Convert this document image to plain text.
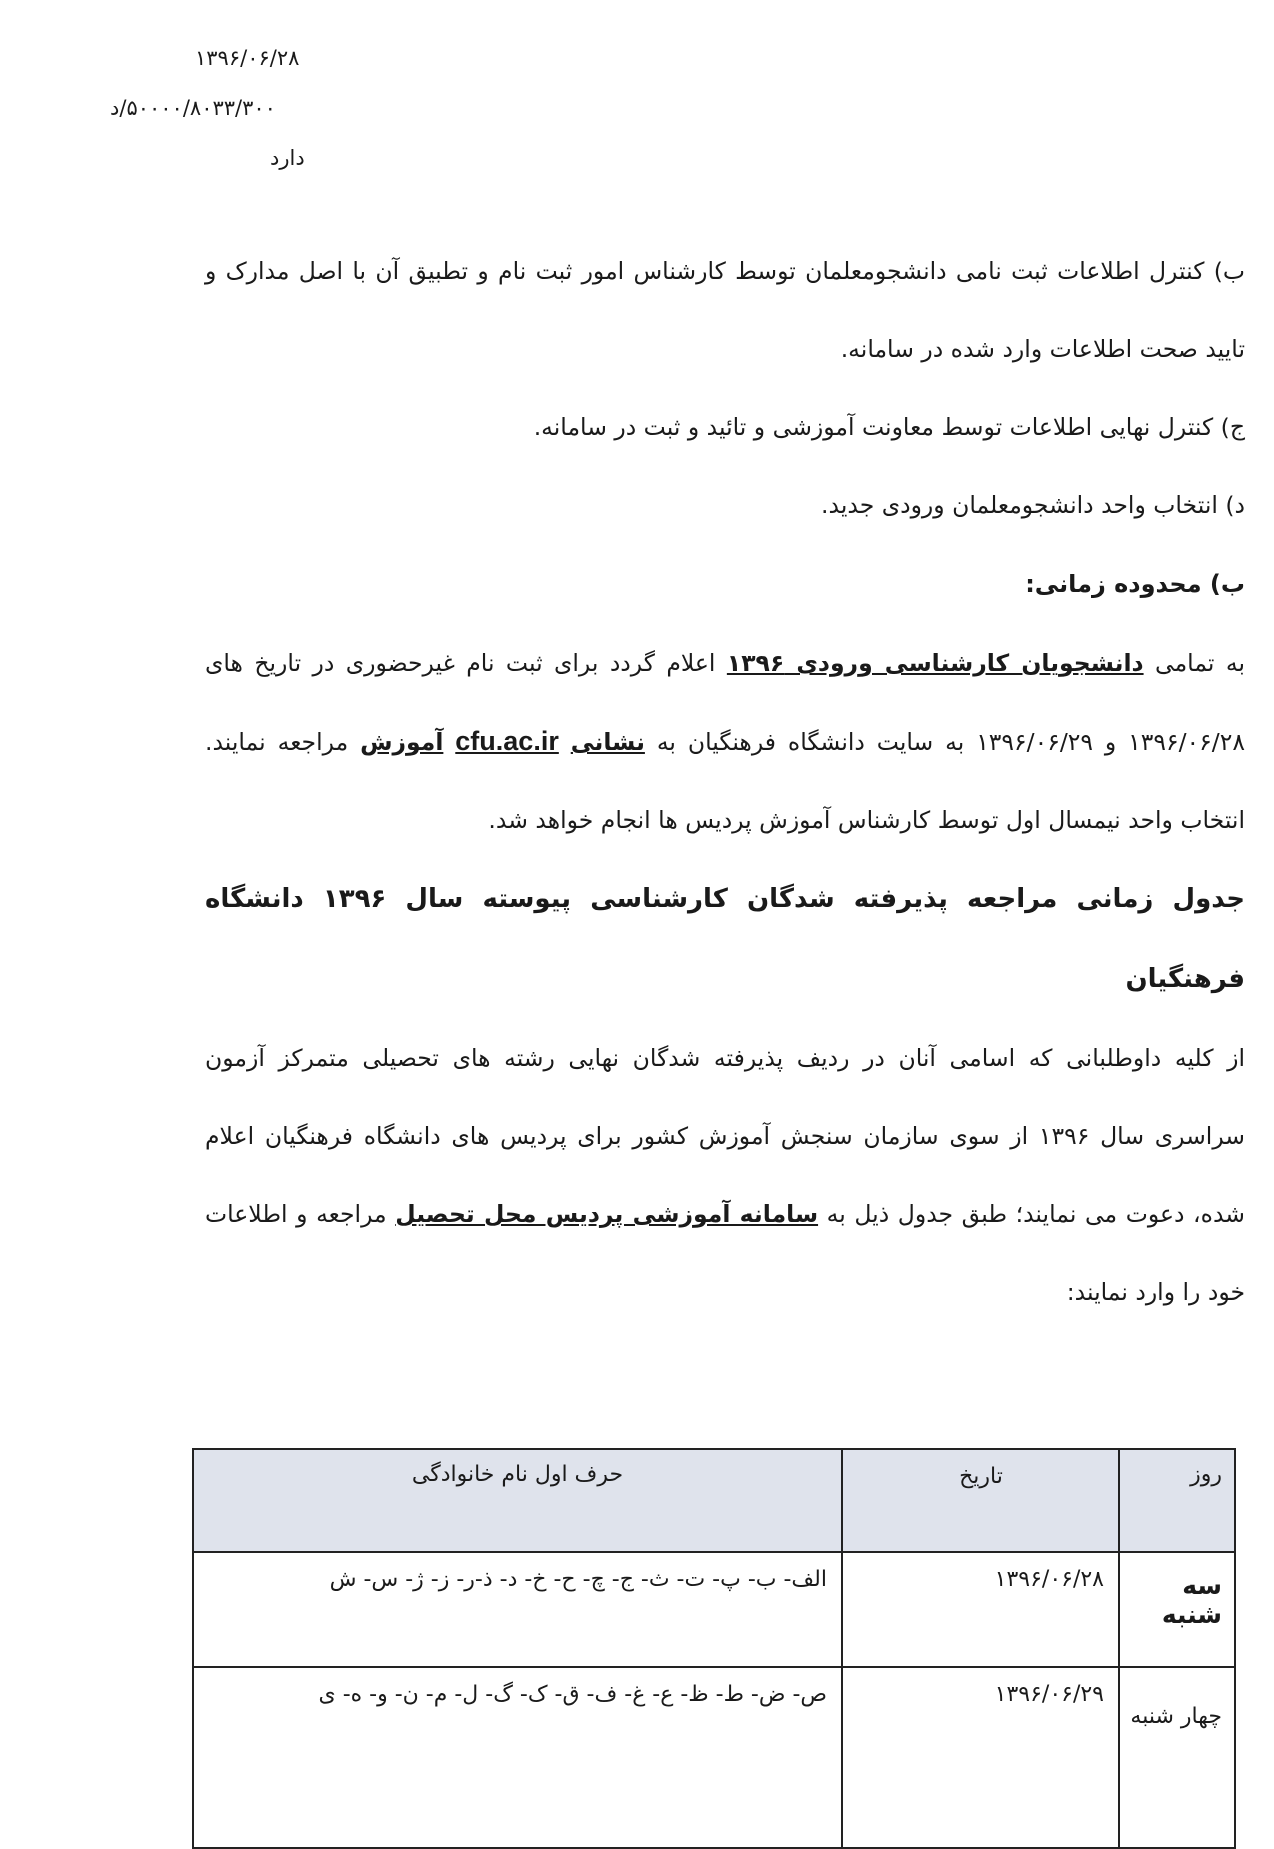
۱۳۹۶/۰۶/۲۸
۵۰۰۰۰/۸۰۳۳/۳۰۰/د
دارد

ب) کنترل اطلاعات ثبت نامی دانشجومعلمان توسط کارشناس امور ثبت نام و تطبیق آن با اصل مدارک و تایید صحت اطلاعات وارد شده در سامانه.

ج) کنترل نهایی اطلاعات توسط معاونت آموزشی و تائید و ثبت در سامانه.

د) انتخاب واحد دانشجومعلمان ورودی جدید.

ب) محدوده زمانی:

به تمامی دانشجویان کارشناسی ورودی ۱۳۹۶ اعلام گردد برای ثبت نام غیرحضوری در تاریخ های ۱۳۹۶/۰۶/۲۸ و ۱۳۹۶/۰۶/۲۹ به سایت دانشگاه فرهنگیان به نشانی cfu.ac.ir آموزش مراجعه نمایند. انتخاب واحد نیمسال اول توسط کارشناس آموزش پردیس ها انجام خواهد شد.

جدول زمانی مراجعه پذیرفته شدگان کارشناسی پیوسته سال ۱۳۹۶ دانشگاه فرهنگیان

از کلیه داوطلبانی که اسامی آنان در ردیف پذیرفته شدگان نهایی رشته های تحصیلی متمرکز آزمون سراسری سال ۱۳۹۶ از سوی سازمان سنجش آموزش کشور برای پردیس های دانشگاه فرهنگیان اعلام شده، دعوت می نمایند؛ طبق جدول ذیل به سامانه آموزشی پردیس محل تحصیل مراجعه و اطلاعات خود را وارد نمایند:

روز	تاریخ	حرف اول نام خانوادگی
سه شنبه	۱۳۹۶/۰۶/۲۸	الف- ب- پ- ت- ث- ج- چ- ح- خ- د- ذ-ر- ز- ژ- س- ش
چهار شنبه	۱۳۹۶/۰۶/۲۹	ص- ض- ط- ظ- ع- غ- ف- ق- ک- گ- ل- م- ن- و- ه- ی
